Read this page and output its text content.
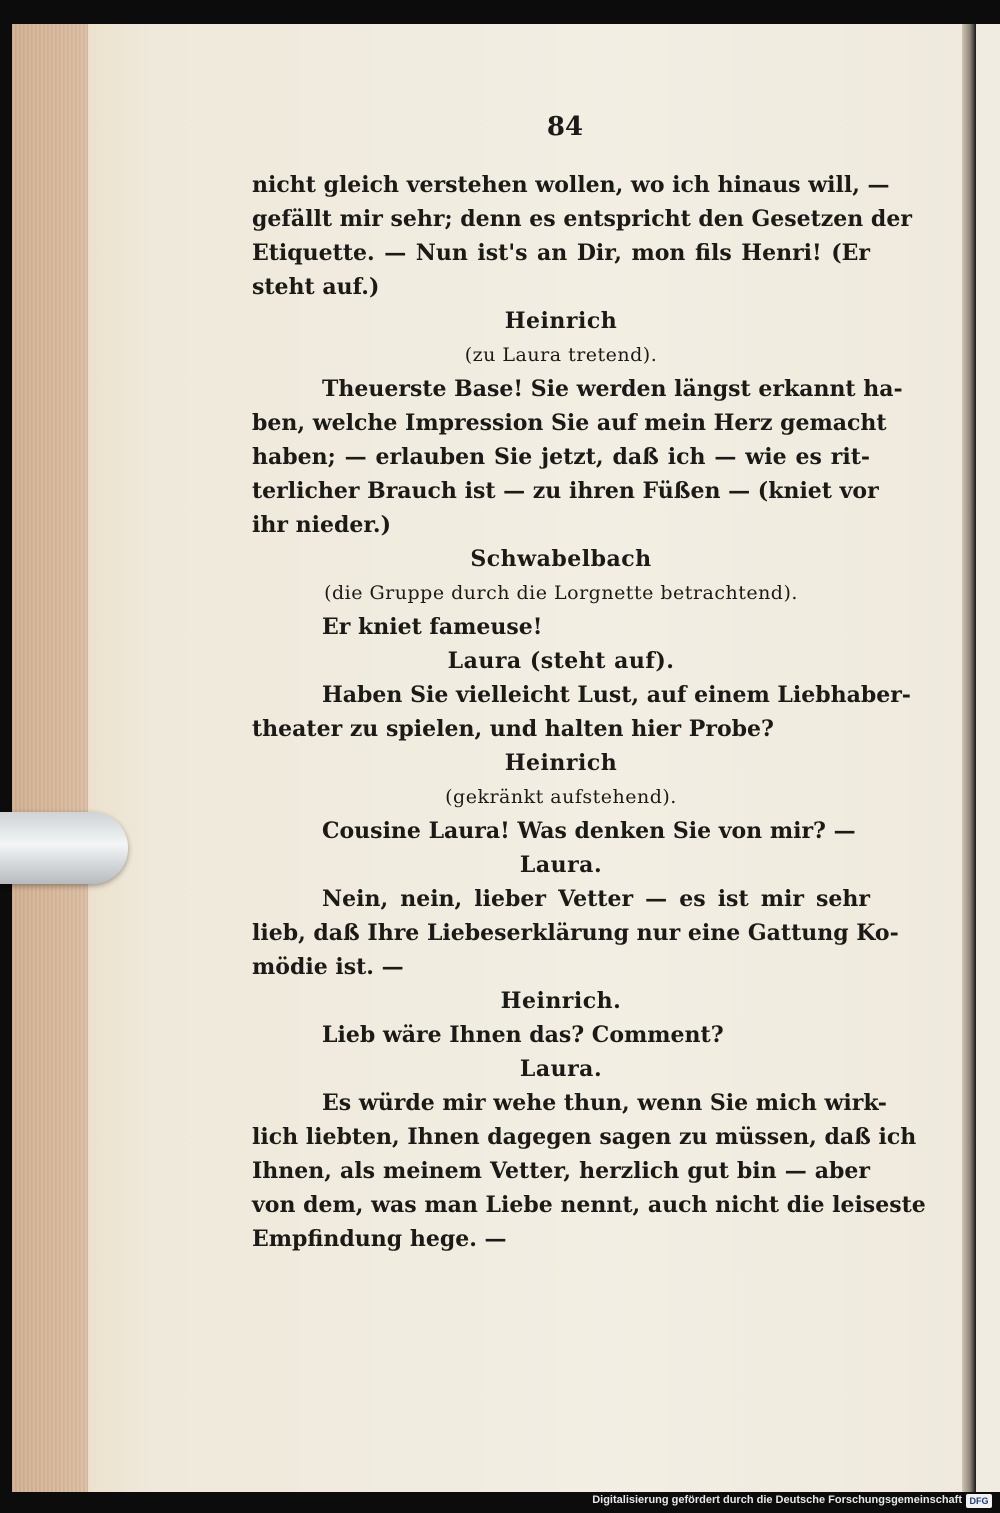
84
nicht gleich verstehen wollen, wo ich hinaus will, —
gefällt mir sehr; denn es entspricht den Gesetzen der
Etiquette. — Nun ist's an Dir, mon fils Henri! (Er
steht auf.)
Heinrich
(zu Laura tretend).
Theuerste Base! Sie werden längst erkannt ha-
ben, welche Impression Sie auf mein Herz gemacht
haben; — erlauben Sie jetzt, daß ich — wie es rit-
terlicher Brauch ist — zu ihren Füßen — (kniet vor
ihr nieder.)
Schwabelbach
(die Gruppe durch die Lorgnette betrachtend).
Er kniet fameuse!
Laura (steht auf).
Haben Sie vielleicht Lust, auf einem Liebhaber-
theater zu spielen, und halten hier Probe?
Heinrich
(gekränkt aufstehend).
Cousine Laura! Was denken Sie von mir? —
Laura.
Nein, nein, lieber Vetter — es ist mir sehr
lieb, daß Ihre Liebeserklärung nur eine Gattung Ko-
mödie ist. —
Heinrich.
Lieb wäre Ihnen das? Comment?
Laura.
Es würde mir wehe thun, wenn Sie mich wirk-
lich liebten, Ihnen dagegen sagen zu müssen, daß ich
Ihnen, als meinem Vetter, herzlich gut bin — aber
von dem, was man Liebe nennt, auch nicht die leiseste
Empfindung hege. —
Digitalisierung gefördert durch die Deutsche Forschungsgemeinschaft DFG
